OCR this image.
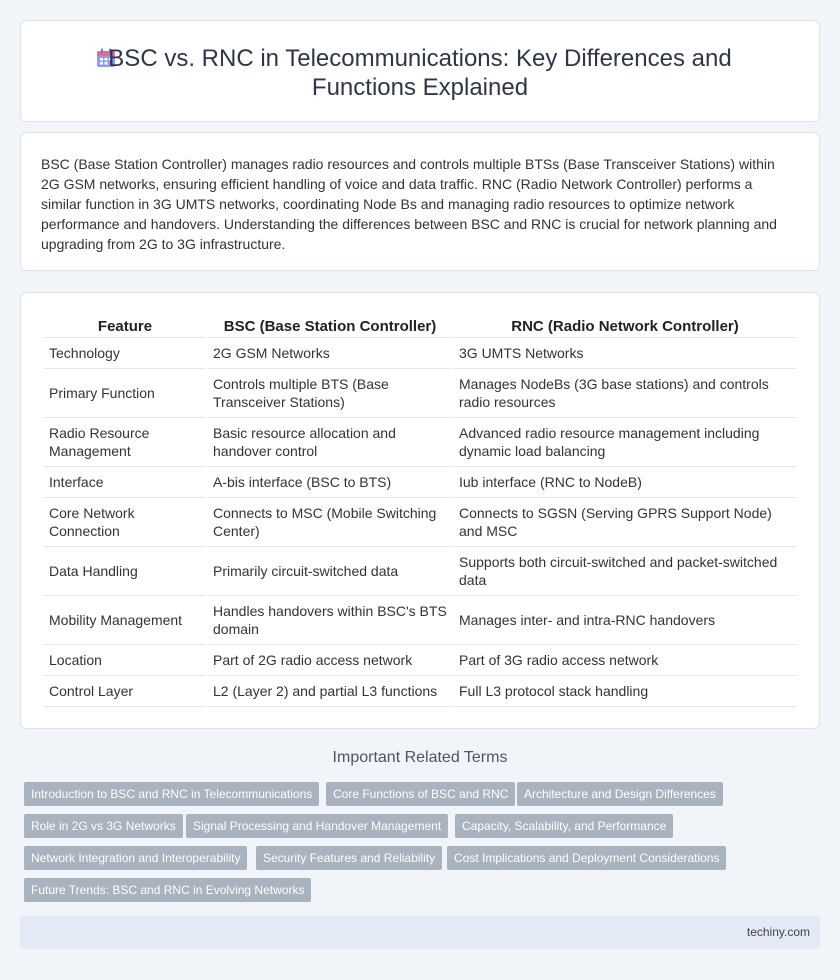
BSC vs. RNC in Telecommunications: Key Differences and Functions Explained

BSC (Base Station Controller) manages radio resources and controls multiple BTSs (Base Transceiver Stations) within 2G GSM networks, ensuring efficient handling of voice and data traffic. RNC (Radio Network Controller) performs a similar function in 3G UMTS networks, coordinating Node Bs and managing radio resources to optimize network performance and handovers. Understanding the differences between BSC and RNC is crucial for network planning and upgrading from 2G to 3G infrastructure.

Feature	BSC (Base Station Controller)	RNC (Radio Network Controller)
Technology	2G GSM Networks	3G UMTS Networks
Primary Function	Controls multiple BTS (Base Transceiver Stations)	Manages NodeBs (3G base stations) and controls radio resources
Radio Resource Management	Basic resource allocation and handover control	Advanced radio resource management including dynamic load balancing
Interface	A-bis interface (BSC to BTS)	Iub interface (RNC to NodeB)
Core Network Connection	Connects to MSC (Mobile Switching Center)	Connects to SGSN (Serving GPRS Support Node) and MSC
Data Handling	Primarily circuit-switched data	Supports both circuit-switched and packet-switched data
Mobility Management	Handles handovers within BSC's BTS domain	Manages inter- and intra-RNC handovers
Location	Part of 2G radio access network	Part of 3G radio access network
Control Layer	L2 (Layer 2) and partial L3 functions	Full L3 protocol stack handling
Important Related Terms
Introduction to BSC and RNC in Telecommunications	Core Functions of BSC and RNC	Architecture and Design Differences
Role in 2G vs 3G Networks	Signal Processing and Handover Management	Capacity, Scalability, and Performance
Network Integration and Interoperability	Security Features and Reliability	Cost Implications and Deployment Considerations
Future Trends: BSC and RNC in Evolving Networks
techiny.com
